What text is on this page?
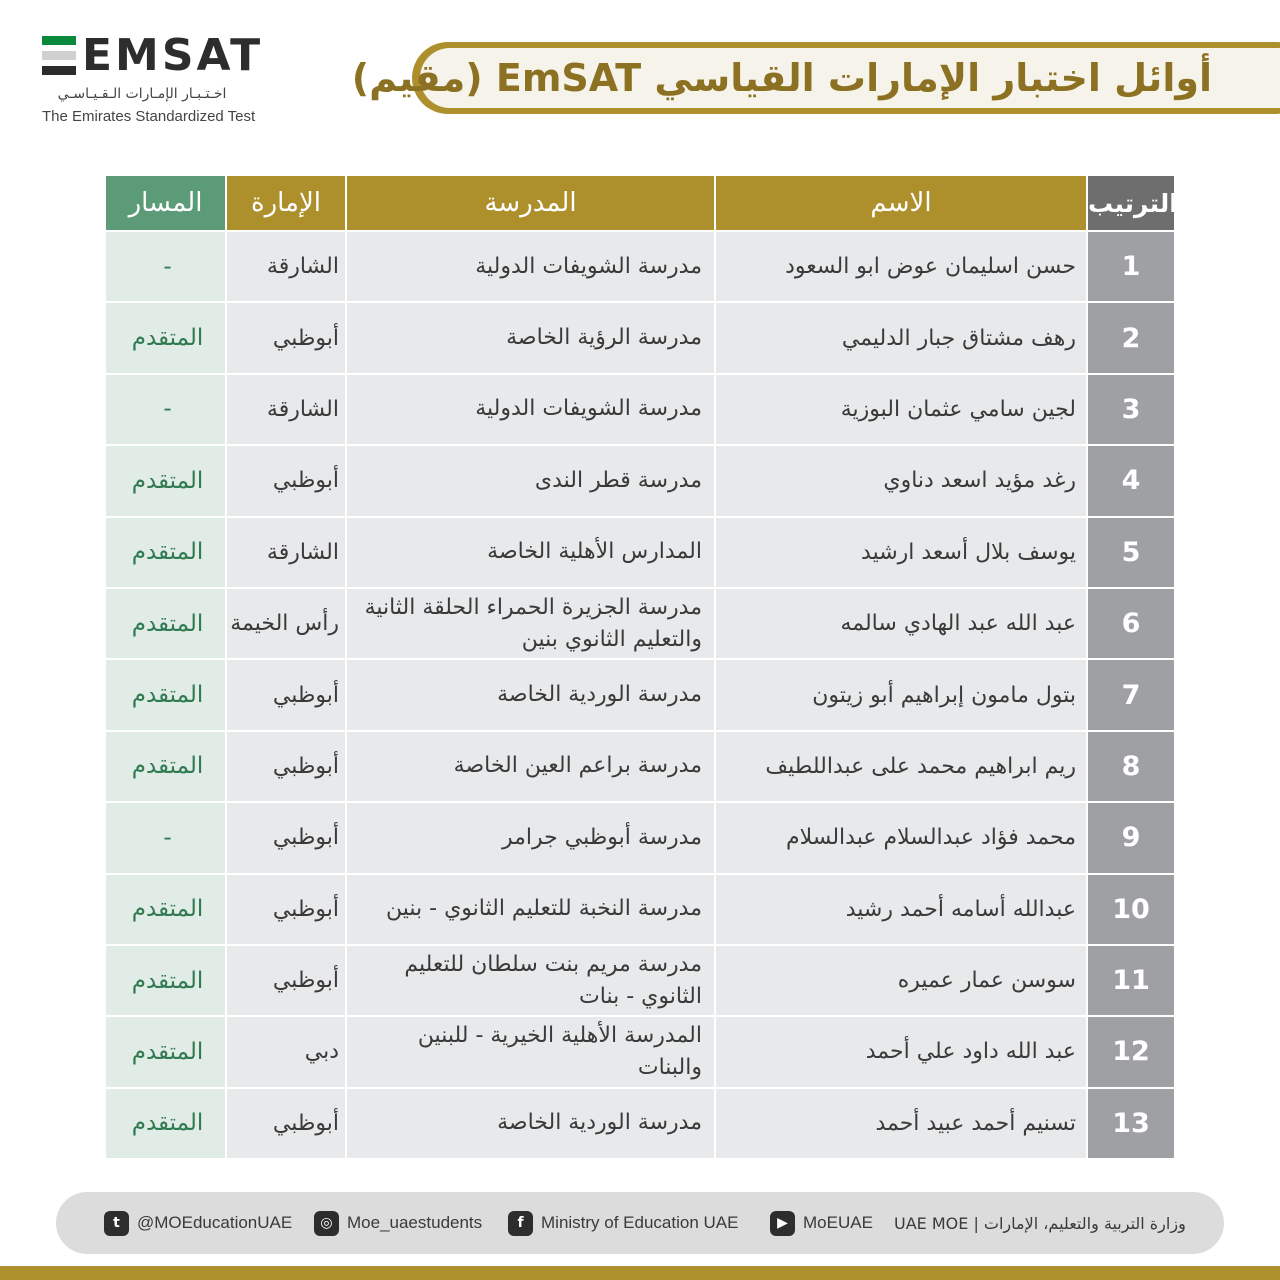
EMSAT
اخـتـبـار الإمـارات الـقـيـاسـي
The Emirates Standardized Test
أوائل اختبار الإمارات القياسي EmSAT (مقيم)
المسار	الإمارة	المدرسة	الاسم	الترتيب
-	الشارقة	مدرسة الشويفات الدولية	حسن اسليمان عوض ابو السعود	1
المتقدم	أبوظبي	مدرسة الرؤية الخاصة	رهف مشتاق جبار الدليمي	2
-	الشارقة	مدرسة الشويفات الدولية	لجين سامي عثمان البوزية	3
المتقدم	أبوظبي	مدرسة قطر الندى	رغد مؤيد اسعد دناوي	4
المتقدم	الشارقة	المدارس الأهلية الخاصة	يوسف بلال أسعد ارشيد	5
المتقدم	رأس الخيمة	مدرسة الجزيرة الحمراء الحلقة الثانية والتعليم الثانوي بنين	عبد الله عبد الهادي سالمه	6
المتقدم	أبوظبي	مدرسة الوردية الخاصة	بتول مامون إبراهيم أبو زيتون	7
المتقدم	أبوظبي	مدرسة براعم العين الخاصة	ريم ابراهيم محمد على عبداللطيف	8
-	أبوظبي	مدرسة أبوظبي جرامر	محمد فؤاد عبدالسلام عبدالسلام	9
المتقدم	أبوظبي	مدرسة النخبة للتعليم الثانوي - بنين	عبدالله أسامه أحمد رشيد	10
المتقدم	أبوظبي	مدرسة مريم بنت سلطان للتعليم الثانوي - بنات	سوسن عمار عميره	11
المتقدم	دبي	المدرسة الأهلية الخيرية - للبنين والبنات	عبد الله داود علي أحمد	12
المتقدم	أبوظبي	مدرسة الوردية الخاصة	تسنيم أحمد عبيد أحمد	13
t	@MOEducationUAE	◎ Moe_uaestudents	f	Ministry of Education UAE	▶ MoEUAE وزارة التربية والتعليم، الإمارات | UAE MOE
